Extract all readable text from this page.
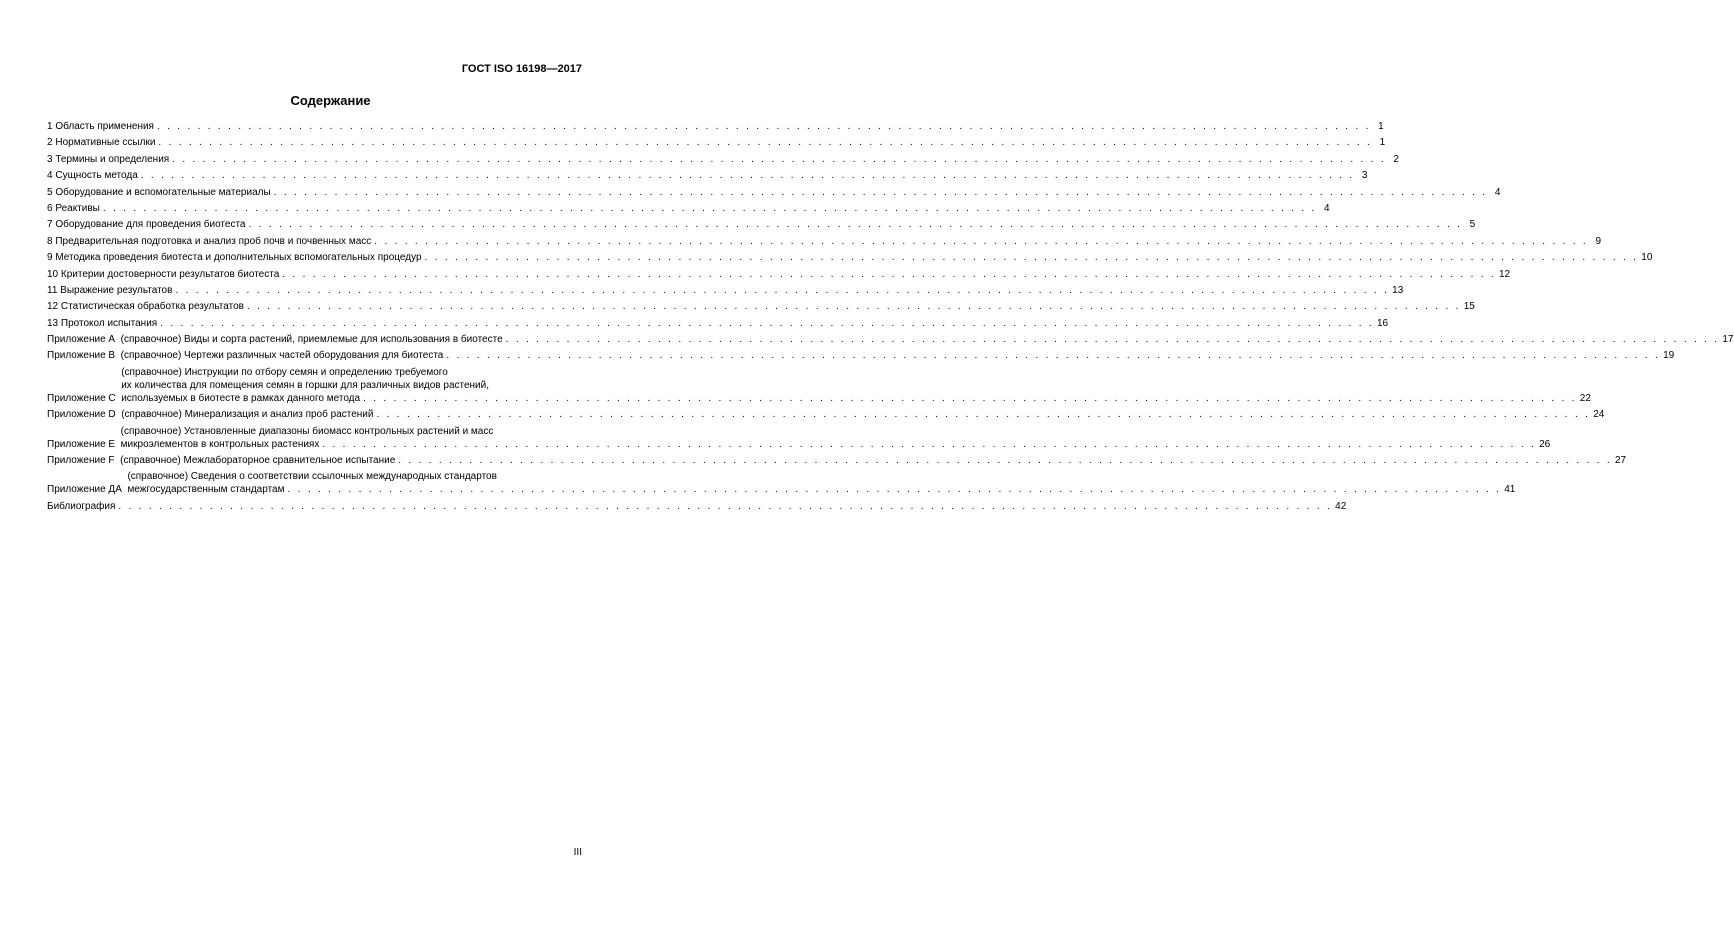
ГОСТ ISO 16198—2017
Содержание
1 Область применения . . .	1
2 Нормативные ссылки . . .	1
3 Термины и определения . . .	2
4 Сущность метода . . .	3
5 Оборудование и вспомогательные материалы . . .	4
6 Реактивы . . .	4
7 Оборудование для проведения биотеста . . .	5
8 Предварительная подготовка и анализ проб почв и почвенных масс . . .	9
9 Методика проведения биотеста и дополнительных вспомогательных процедур . . .	10
10 Критерии достоверности результатов биотеста . . .	12
11 Выражение результатов . . .	13
12 Статистическая обработка результатов . . .	15
13 Протокол испытания . . .	16
Приложение А (справочное) Виды и сорта растений, приемлемые для использования в биотесте . . .	17
Приложение В (справочное) Чертежи различных частей оборудования для биотеста . . .	19
Приложение С
(справочное) Инструкции по отбору семян и определению требуемого
их количества для помещения семян в горшки для различных видов растений,
используемых в биотесте в рамках данного метода . . .	22
Приложение D (справочное) Минерализация и анализ проб растений . . .	24
Приложение Е
(справочное) Установленные диапазоны биомасс контрольных растений и масс
микроэлементов в контрольных растениях . . .	26
Приложение F (справочное) Межлабораторное сравнительное испытание . . .	27
Приложение ДА
(справочное) Сведения о соответствии ссылочных международных стандартов
межгосударственным стандартам . . .	41
Библиография . . .	42
III
